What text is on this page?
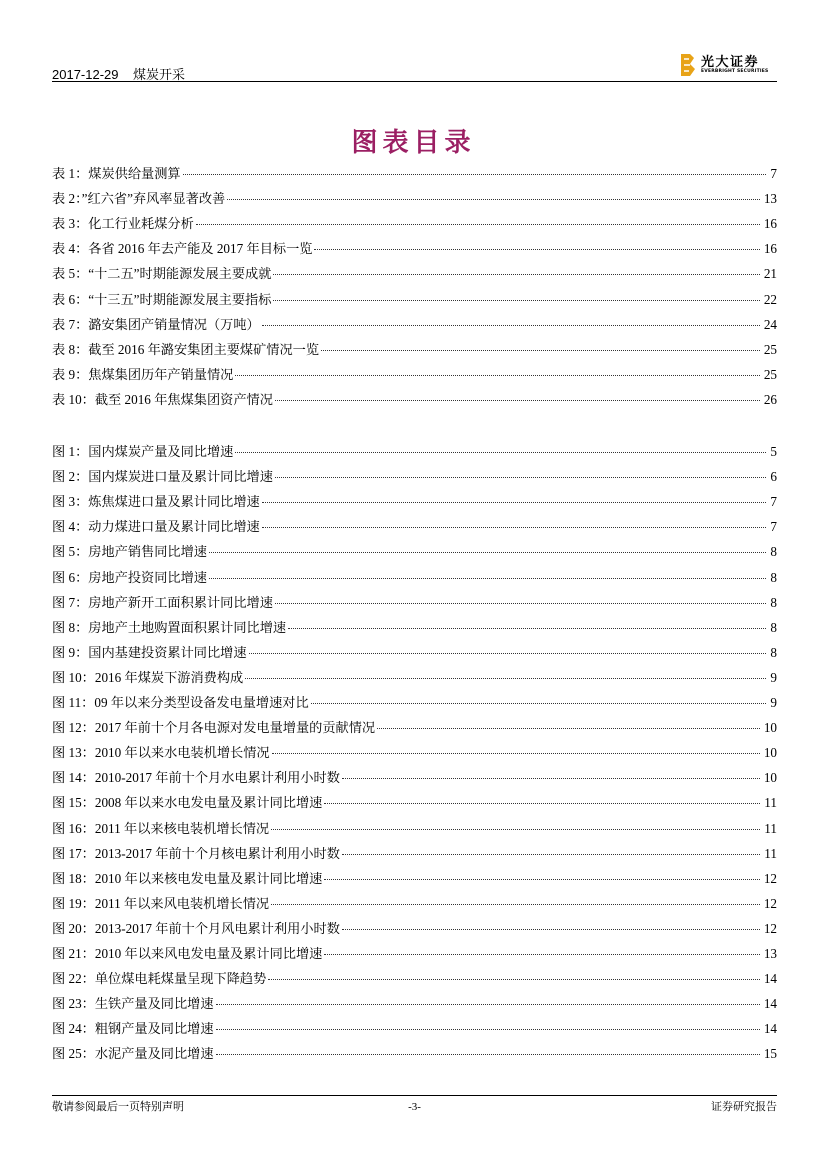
2017-12-29 煤炭开采
光大证券
EVERBRIGHT SECURITIES
图表目录
表 1：煤炭供给量测算	7
表 2：”红六省”弃风率显著改善	13
表 3：化工行业耗煤分析	16
表 4：各省 2016 年去产能及 2017 年目标一览	16
表 5：“十二五”时期能源发展主要成就	21
表 6：“十三五”时期能源发展主要指标	22
表 7：潞安集团产销量情况（万吨）	24
表 8：截至 2016 年潞安集团主要煤矿情况一览	25
表 9：焦煤集团历年产销量情况	25
表 10：截至 2016 年焦煤集团资产情况	26
图 1：国内煤炭产量及同比增速	5
图 2：国内煤炭进口量及累计同比增速	6
图 3：炼焦煤进口量及累计同比增速	7
图 4：动力煤进口量及累计同比增速	7
图 5：房地产销售同比增速	8
图 6：房地产投资同比增速	8
图 7：房地产新开工面积累计同比增速	8
图 8：房地产土地购置面积累计同比增速	8
图 9：国内基建投资累计同比增速	8
图 10：2016 年煤炭下游消费构成	9
图 11：09 年以来分类型设备发电量增速对比	9
图 12：2017 年前十个月各电源对发电量增量的贡献情况	10
图 13：2010 年以来水电装机增长情况	10
图 14：2010-2017 年前十个月水电累计利用小时数	10
图 15：2008 年以来水电发电量及累计同比增速	11
图 16：2011 年以来核电装机增长情况	11
图 17：2013-2017 年前十个月核电累计利用小时数	11
图 18：2010 年以来核电发电量及累计同比增速	12
图 19：2011 年以来风电装机增长情况	12
图 20：2013-2017 年前十个月风电累计利用小时数	12
图 21：2010 年以来风电发电量及累计同比增速	13
图 22：单位煤电耗煤量呈现下降趋势	14
图 23：生铁产量及同比增速	14
图 24：粗钢产量及同比增速	14
图 25：水泥产量及同比增速	15
敬请参阅最后一页特别声明	-3-	证券研究报告
